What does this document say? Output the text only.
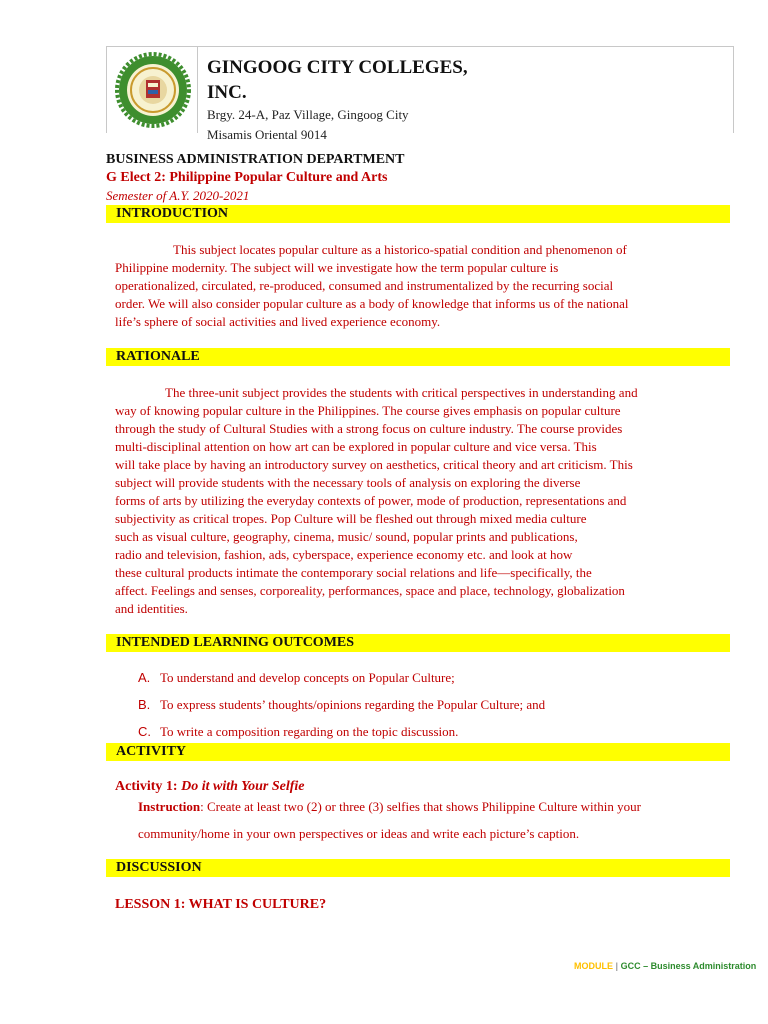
GINGOOG CITY COLLEGES,
INC.
Brgy. 24-A, Paz Village, Gingoog City
Misamis Oriental 9014
BUSINESS ADMINISTRATION DEPARTMENT
G Elect 2: Philippine Popular Culture and Arts
Semester of A.Y. 2020-2021
INTRODUCTION
This subject locates popular culture as a historico-spatial condition and phenomenon of
Philippine modernity. The subject will we investigate how the term popular culture is
operationalized, circulated, re-produced, consumed and instrumentalized by the recurring social
order. We will also consider popular culture as a body of knowledge that informs us of the national
life’s sphere of social activities and lived experience economy.
RATIONALE
The three-unit subject provides the students with critical perspectives in understanding and
way of knowing popular culture in the Philippines. The course gives emphasis on popular culture
through the study of Cultural Studies with a strong focus on culture industry. The course provides
multi-disciplinal attention on how art can be explored in popular culture and vice versa. This
will take place by having an introductory survey on aesthetics, critical theory and art criticism. This
subject will provide students with the necessary tools of analysis on exploring the diverse
forms of arts by utilizing the everyday contexts of power, mode of production, representations and
subjectivity as critical tropes. Pop Culture will be fleshed out through mixed media culture
such as visual culture, geography, cinema, music/ sound, popular prints and publications,
radio and television, fashion, ads, cyberspace, experience economy etc. and look at how
these cultural products intimate the contemporary social relations and life—specifically, the
affect. Feelings and senses, corporeality, performances, space and place, technology, globalization
and identities.
INTENDED LEARNING OUTCOMES
A. To understand and develop concepts on Popular Culture;
B. To express students’ thoughts/opinions regarding the Popular Culture; and
C. To write a composition regarding on the topic discussion.
ACTIVITY
Activity 1: Do it with Your Selfie
Instruction: Create at least two (2) or three (3) selfies that shows Philippine Culture within your
community/home in your own perspectives or ideas and write each picture’s caption.
DISCUSSION
LESSON 1: WHAT IS CULTURE?
MODULE | GCC – Business Administration
